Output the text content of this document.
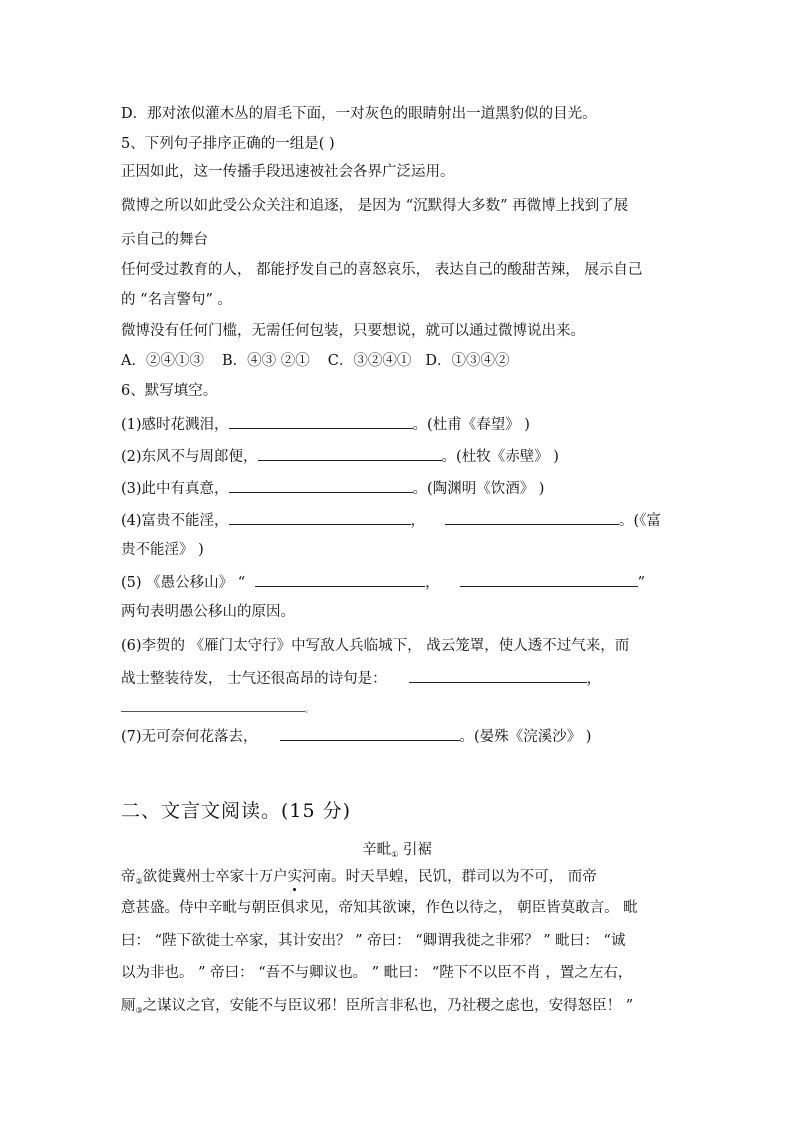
D．那对浓似灌木丛的眉毛下面，一对灰色的眼睛射出一道黑豹似的目光。
5、下列句子排序正确的一组是( )
正因如此，这一传播手段迅速被社会各界广泛运用。
微博之所以如此受公众关注和追逐， 是因为 “沉默得大多数” 再微博上找到了展
示自己的舞台
任何受过教育的人， 都能抒发自己的喜怒哀乐， 表达自己的酸甜苦辣， 展示自己
的 “名言警句” 。
微博没有任何门槛，无需任何包装，只要想说，就可以通过微博说出来。
A．②④①③ B．④③ ②① C．③②④① D．①③④②
6、默写填空。
(1)感时花溅泪，	。(杜甫《春望》 )
(2)东风不与周郎便，	。(杜牧《赤壁》 )
(3)此中有真意，	。(陶渊明《饮酒》 )
(4)富贵不能淫，	，	。(《富
贵不能淫》 )
(5) 《愚公移山》 “	，	”
两句表明愚公移山的原因。
(6)李贺的 《雁门太守行》中写敌人兵临城下， 战云笼罩，使人透不过气来，而
战士整装待发， 士气还很高昂的诗句是：	，
。
(7)无可奈何花落去，	。(晏殊《浣溪沙》 )
二、文言文阅读。(15 分)
辛毗$_①$ 引裾
帝$_②$欲徙冀州士卒家十万户实河南。时天旱蝗，民饥，群司以为不可， 而帝
意甚盛。侍中辛毗与朝臣俱求见，帝知其欲谏，作色以待之， 朝臣皆莫敢言。 毗
曰： “陛下欲徙士卒家，其计安出？ ” 帝曰： “卿谓我徙之非邪？ ” 毗曰： “诚
以为非也。 ” 帝曰： “吾不与卿议也。 ” 毗曰： “陛下不以臣不肖 ，置之左右，
厕$_③$之谋议之官，安能不与臣议邪！臣所言非私也，乃社稷之虑也，安得怒臣！ ”
